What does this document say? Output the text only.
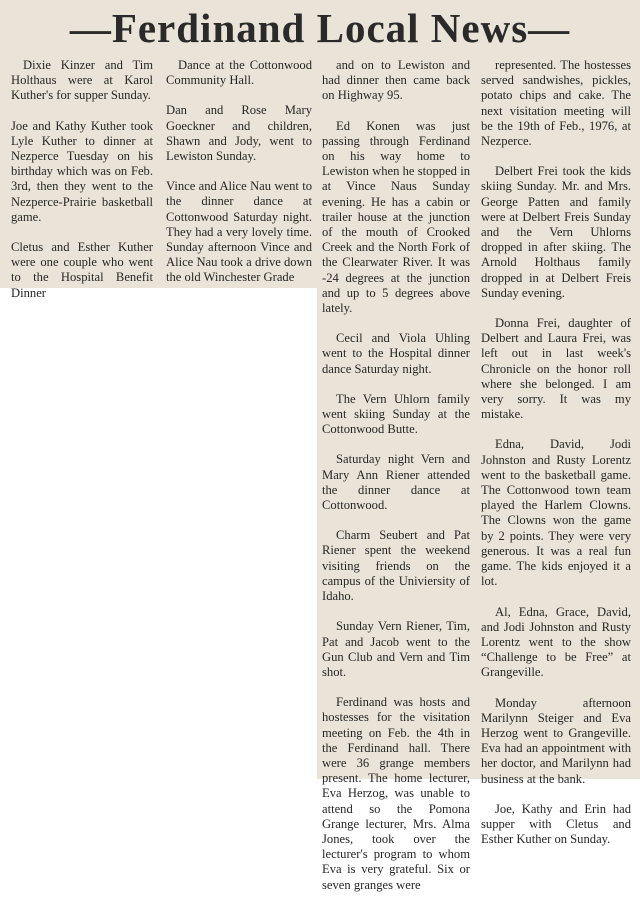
—Ferdinand Local News—

Dixie Kinzer and Tim Holthaus were at Karol Kuther's for supper Sunday.

Joe and Kathy Kuther took Lyle Kuther to dinner at Nezperce Tuesday on his birthday which was on Feb. 3rd, then they went to the Nezperce-Prairie basketball game.

Cletus and Esther Kuther were one couple who went to the Hospital Benefit Dinner

Dance at the Cottonwood Community Hall.

Dan and Rose Mary Goeckner and children, Shawn and Jody, went to Lewiston Sunday.

Vince and Alice Nau went to the dinner dance at Cottonwood Saturday night. They had a very lovely time. Sunday afternoon Vince and Alice Nau took a drive down the old Winchester Grade

and on to Lewiston and had dinner then came back on Highway 95.

Ed Konen was just passing through Ferdinand on his way home to Lewiston when he stopped in at Vince Naus Sunday evening. He has a cabin or trailer house at the junction of the mouth of Crooked Creek and the North Fork of the Clearwater River. It was -24 degrees at the junction and up to 5 degrees above lately.

Cecil and Viola Uhling went to the Hospital dinner dance Saturday night.

The Vern Uhlorn family went skiing Sunday at the Cottonwood Butte.

Saturday night Vern and Mary Ann Riener attended the dinner dance at Cottonwood.

Charm Seubert and Pat Riener spent the weekend visiting friends on the campus of the Univiersity of Idaho.

Sunday Vern Riener, Tim, Pat and Jacob went to the Gun Club and Vern and Tim shot.

Ferdinand was hosts and hostesses for the visitation meeting on Feb. the 4th in the Ferdinand hall. There were 36 grange members present. The home lecturer, Eva Herzog, was unable to attend so the Pomona Grange lecturer, Mrs. Alma Jones, took over the lecturer's program to whom Eva is very grateful. Six or seven granges were

represented. The hostesses served sandwishes, pickles, potato chips and cake. The next visitation meeting will be the 19th of Feb., 1976, at Nezperce.

Delbert Frei took the kids skiing Sunday. Mr. and Mrs. George Patten and family were at Delbert Freis Sunday and the Vern Uhlorns dropped in after skiing. The Arnold Holthaus family dropped in at Delbert Freis Sunday evening.

Donna Frei, daughter of Delbert and Laura Frei, was left out in last week's Chronicle on the honor roll where she belonged. I am very sorry. It was my mistake.

Edna, David, Jodi Johnston and Rusty Lorentz went to the basketball game. The Cottonwood town team played the Harlem Clowns. The Clowns won the game by 2 points. They were very generous. It was a real fun game. The kids enjoyed it a lot.

Al, Edna, Grace, David, and Jodi Johnston and Rusty Lorentz went to the show “Challenge to be Free” at Grangeville.

Monday afternoon Marilynn Steiger and Eva Herzog went to Grangeville. Eva had an appointment with her doctor, and Marilynn had business at the bank.

Joe, Kathy and Erin had supper with Cletus and Esther Kuther on Sunday.
